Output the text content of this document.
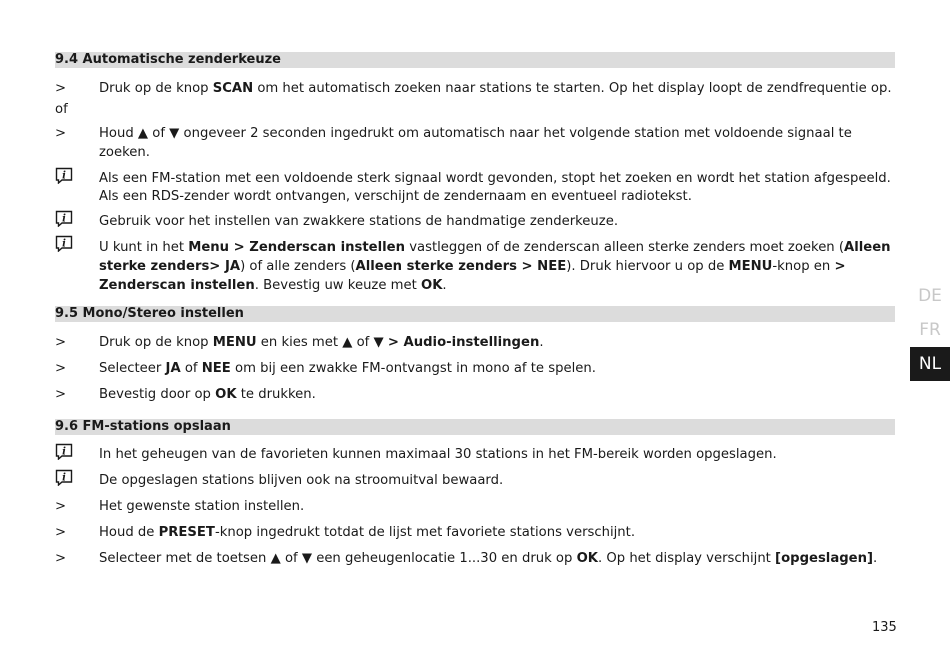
9.4 Automatische zenderkeuze
>	Druk op de knop SCAN om het automatisch zoeken naar stations te starten. Op het display loopt de zendfrequentie op.
of
>	Houd ▲ of ▼ ongeveer 2 seconden ingedrukt om automatisch naar het volgende station met voldoende signaal te zoeken.
i	Als een FM-station met een voldoende sterk signaal wordt gevonden, stopt het zoeken en wordt het station afgespeeld. Als een RDS-zender wordt ontvangen, verschijnt de zendernaam en eventueel radiotekst.
i	Gebruik voor het instellen van zwakkere stations de handmatige zenderkeuze.
i	U kunt in het Menu > Zenderscan instellen vastleggen of de zenderscan alleen sterke zenders moet zoeken (Alleen sterke zenders> JA) of alle zenders (Alleen sterke zenders > NEE). Druk hiervoor u op de MENU-knop en > Zenderscan instellen. Bevestig uw keuze met OK.
9.5 Mono/Stereo instellen
>	Druk op de knop MENU en kies met ▲ of ▼ > Audio-instellingen.
>	Selecteer JA of NEE om bij een zwakke FM-ontvangst in mono af te spelen.
>	Bevestig door op OK te drukken.
9.6 FM-stations opslaan
i	In het geheugen van de favorieten kunnen maximaal 30 stations in het FM-bereik worden opgeslagen.
i	De opgeslagen stations blijven ook na stroomuitval bewaard.
>	Het gewenste station instellen.
>	Houd de PRESET-knop ingedrukt totdat de lijst met favoriete stations verschijnt.
>	Selecteer met de toetsen ▲ of ▼ een geheugenlocatie 1...30 en druk op OK. Op het display verschijnt [opgeslagen].
DE
FR
NL
135
